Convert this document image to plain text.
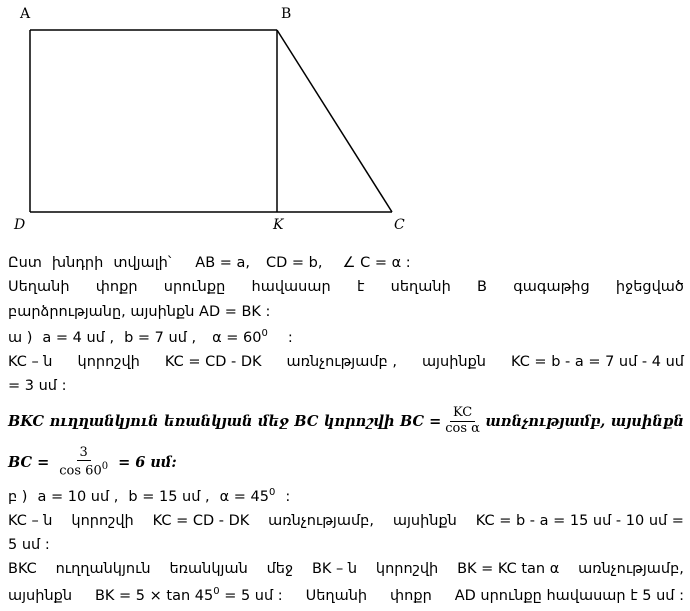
A	B
D	K	C
Ըստ խնդրի տվյալի՝ AB = a, CD = b, ∠ C = α :
Սեղանի փոքր սրունքը հավասար է սեղանի B գագաթից իջեցված
բարձրությանը, այսինքն AD = BK :
ա ) a = 4 սմ , b = 7 սմ , $\alpha = 60^0$ :
KC – ն կորոշվի KC = CD - DK առնչությամբ , այսինքն KC = b - a = 7 սմ - 4 սմ
= 3 սմ :
BKC ուղղանկյուն եռանկյան մեջ BC կորոշվի BC = $\frac{KC}{\text{cos α}}$ առնչությամբ, այսինքն
BC = $\frac{3}{\cos 60^0} = 6$ սմ:
բ ) a = 10 սմ , b = 15 սմ , $\alpha = 45^0$ :
KC – ն կորոշվի KC = CD - DK առնչությամբ, այսինքն KC = b - a = 15 սմ - 10 սմ =
5 սմ :
BKC ուղղանկյուն եռանկյան մեջ BK – ն կորոշվի BK = KC tan α առնչությամբ,
այսինքն BK = $5 \times \tan 45^0 = 5$ սմ : Սեղանի փոքր AD սրունքը հավասար է 5 սմ :
